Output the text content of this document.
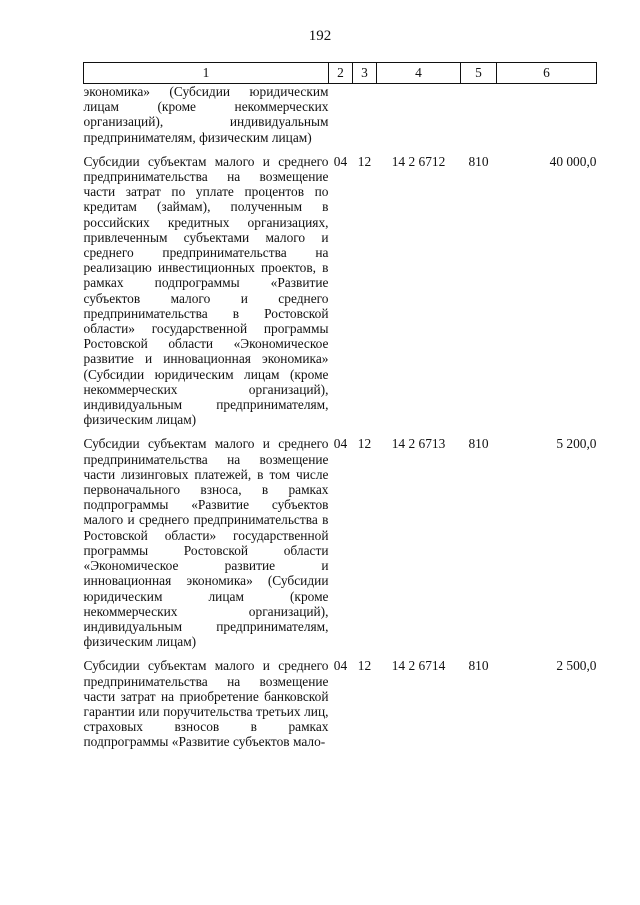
192
1	2	3	4	5	6
экономика» (Субсидии юридическим лицам (кроме некоммерческих организаций), индивидуальным предпринимателям, физическим лицам)					

Субсидии субъектам малого и среднего предпринимательства на возмещение части затрат по уплате процентов по кредитам (займам), полученным в российских кредитных организациях, привлеченным субъектами малого и среднего предпринимательства на реализацию инвестиционных проектов, в рамках подпрограммы «Развитие субъектов малого и среднего предпринимательства в Ростовской области» государственной программы Ростовской области «Экономическое развитие и инновационная экономика» (Субсидии юридическим лицам (кроме некоммерческих организаций), индивидуальным предпринимателям, физическим лицам)	04	12	14 2 6712	810	40 000,0

Субсидии субъектам малого и среднего предпринимательства на возмещение части лизинговых платежей, в том числе первоначального взноса, в рамках подпрограммы «Развитие субъектов малого и среднего предпринимательства в Ростовской области» государственной программы Ростовской области «Экономическое развитие и инновационная экономика» (Субсидии юридическим лицам (кроме некоммерческих организаций), индивидуальным предпринимателям, физическим лицам)	04	12	14 2 6713	810	5 200,0

Субсидии субъектам малого и среднего предпринимательства на возмещение части затрат на приобретение банковской гарантии или поручительства третьих лиц, страховых взносов в рамках подпрограммы «Развитие субъектов мало-	04	12	14 2 6714	810	2 500,0
